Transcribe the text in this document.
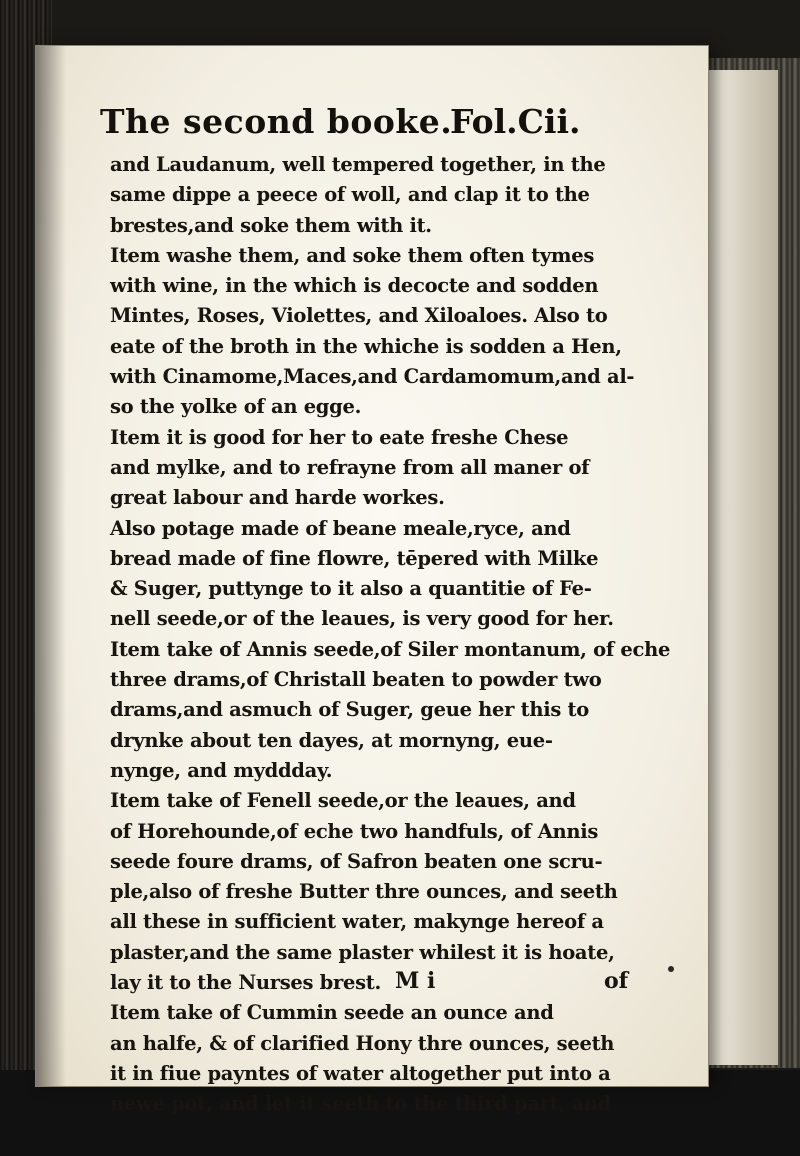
The second booke.
Fol.Cii.
and Laudanum, well tempered together, in the
same dippe a peece of woll, and clap it to the
brestes,and soke them with it.
Item washe them, and soke them often tymes
with wine, in the which is decocte and sodden
Mintes, Roses, Violettes, and Xiloaloes. Also to
eate of the broth in the whiche is sodden a Hen,
with Cinamome,Maces,and Cardamomum,and al-
so the yolke of an egge.
Item it is good for her to eate freshe Chese
and mylke, and to refrayne from all maner of
great labour and harde workes.
Also potage made of beane meale,ryce, and
bread made of fine flowre, tēpered with Milke
& Suger, puttynge to it also a quantitie of Fe-
nell seede,or of the leaues, is very good for her.
Item take of Annis seede,of Siler montanum, of eche
three drams,of Christall beaten to powder two
drams,and asmuch of Suger, geue her this to
drynke about ten dayes, at mornyng, eue-
nynge, and myddday.
Item take of Fenell seede,or the leaues, and
of Horehounde,of eche two handfuls, of Annis
seede foure drams, of Safron beaten one scru-
ple,also of freshe Butter thre ounces, and seeth
all these in sufficient water, makynge hereof a
plaster,and the same plaster whilest it is hoate,
lay it to the Nurses brest.
Item take of Cummin seede an ounce and
an halfe, & of clarified Hony thre ounces, seeth
it in fiue payntes of water altogether put into a
newe pot, and let it seeth to the third part, and
M i	of
